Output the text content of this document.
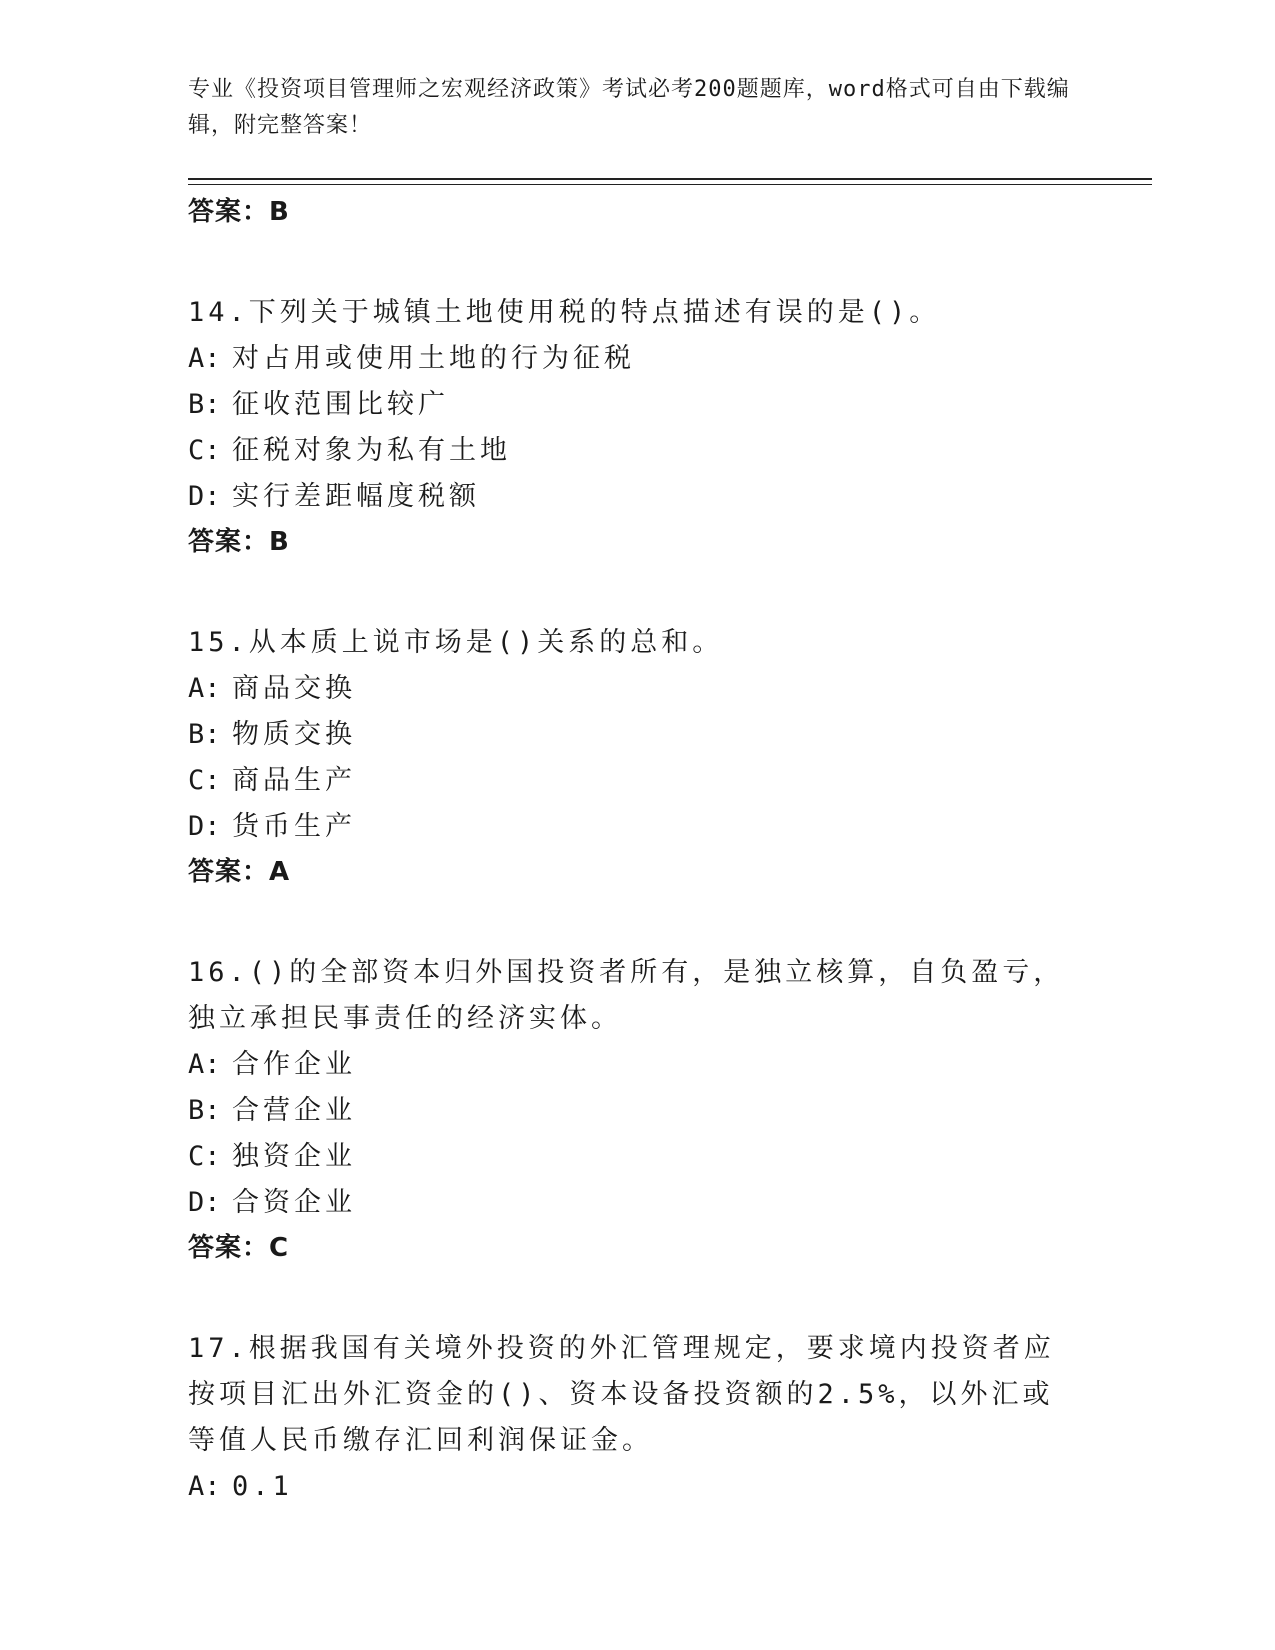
专业《投资项目管理师之宏观经济政策》考试必考200题题库，word格式可自由下载编辑，附完整答案！
答案：B
14.下列关于城镇土地使用税的特点描述有误的是()。
A: 对占用或使用土地的行为征税
B: 征收范围比较广
C: 征税对象为私有土地
D: 实行差距幅度税额
答案：B
15.从本质上说市场是()关系的总和。
A: 商品交换
B: 物质交换
C: 商品生产
D: 货币生产
答案：A
16.()的全部资本归外国投资者所有，是独立核算，自负盈亏，独立承担民事责任的经济实体。
A: 合作企业
B: 合营企业
C: 独资企业
D: 合资企业
答案：C
17.根据我国有关境外投资的外汇管理规定，要求境内投资者应按项目汇出外汇资金的()、资本设备投资额的2.5%，以外汇或等值人民币缴存汇回利润保证金。
A: 0.1
